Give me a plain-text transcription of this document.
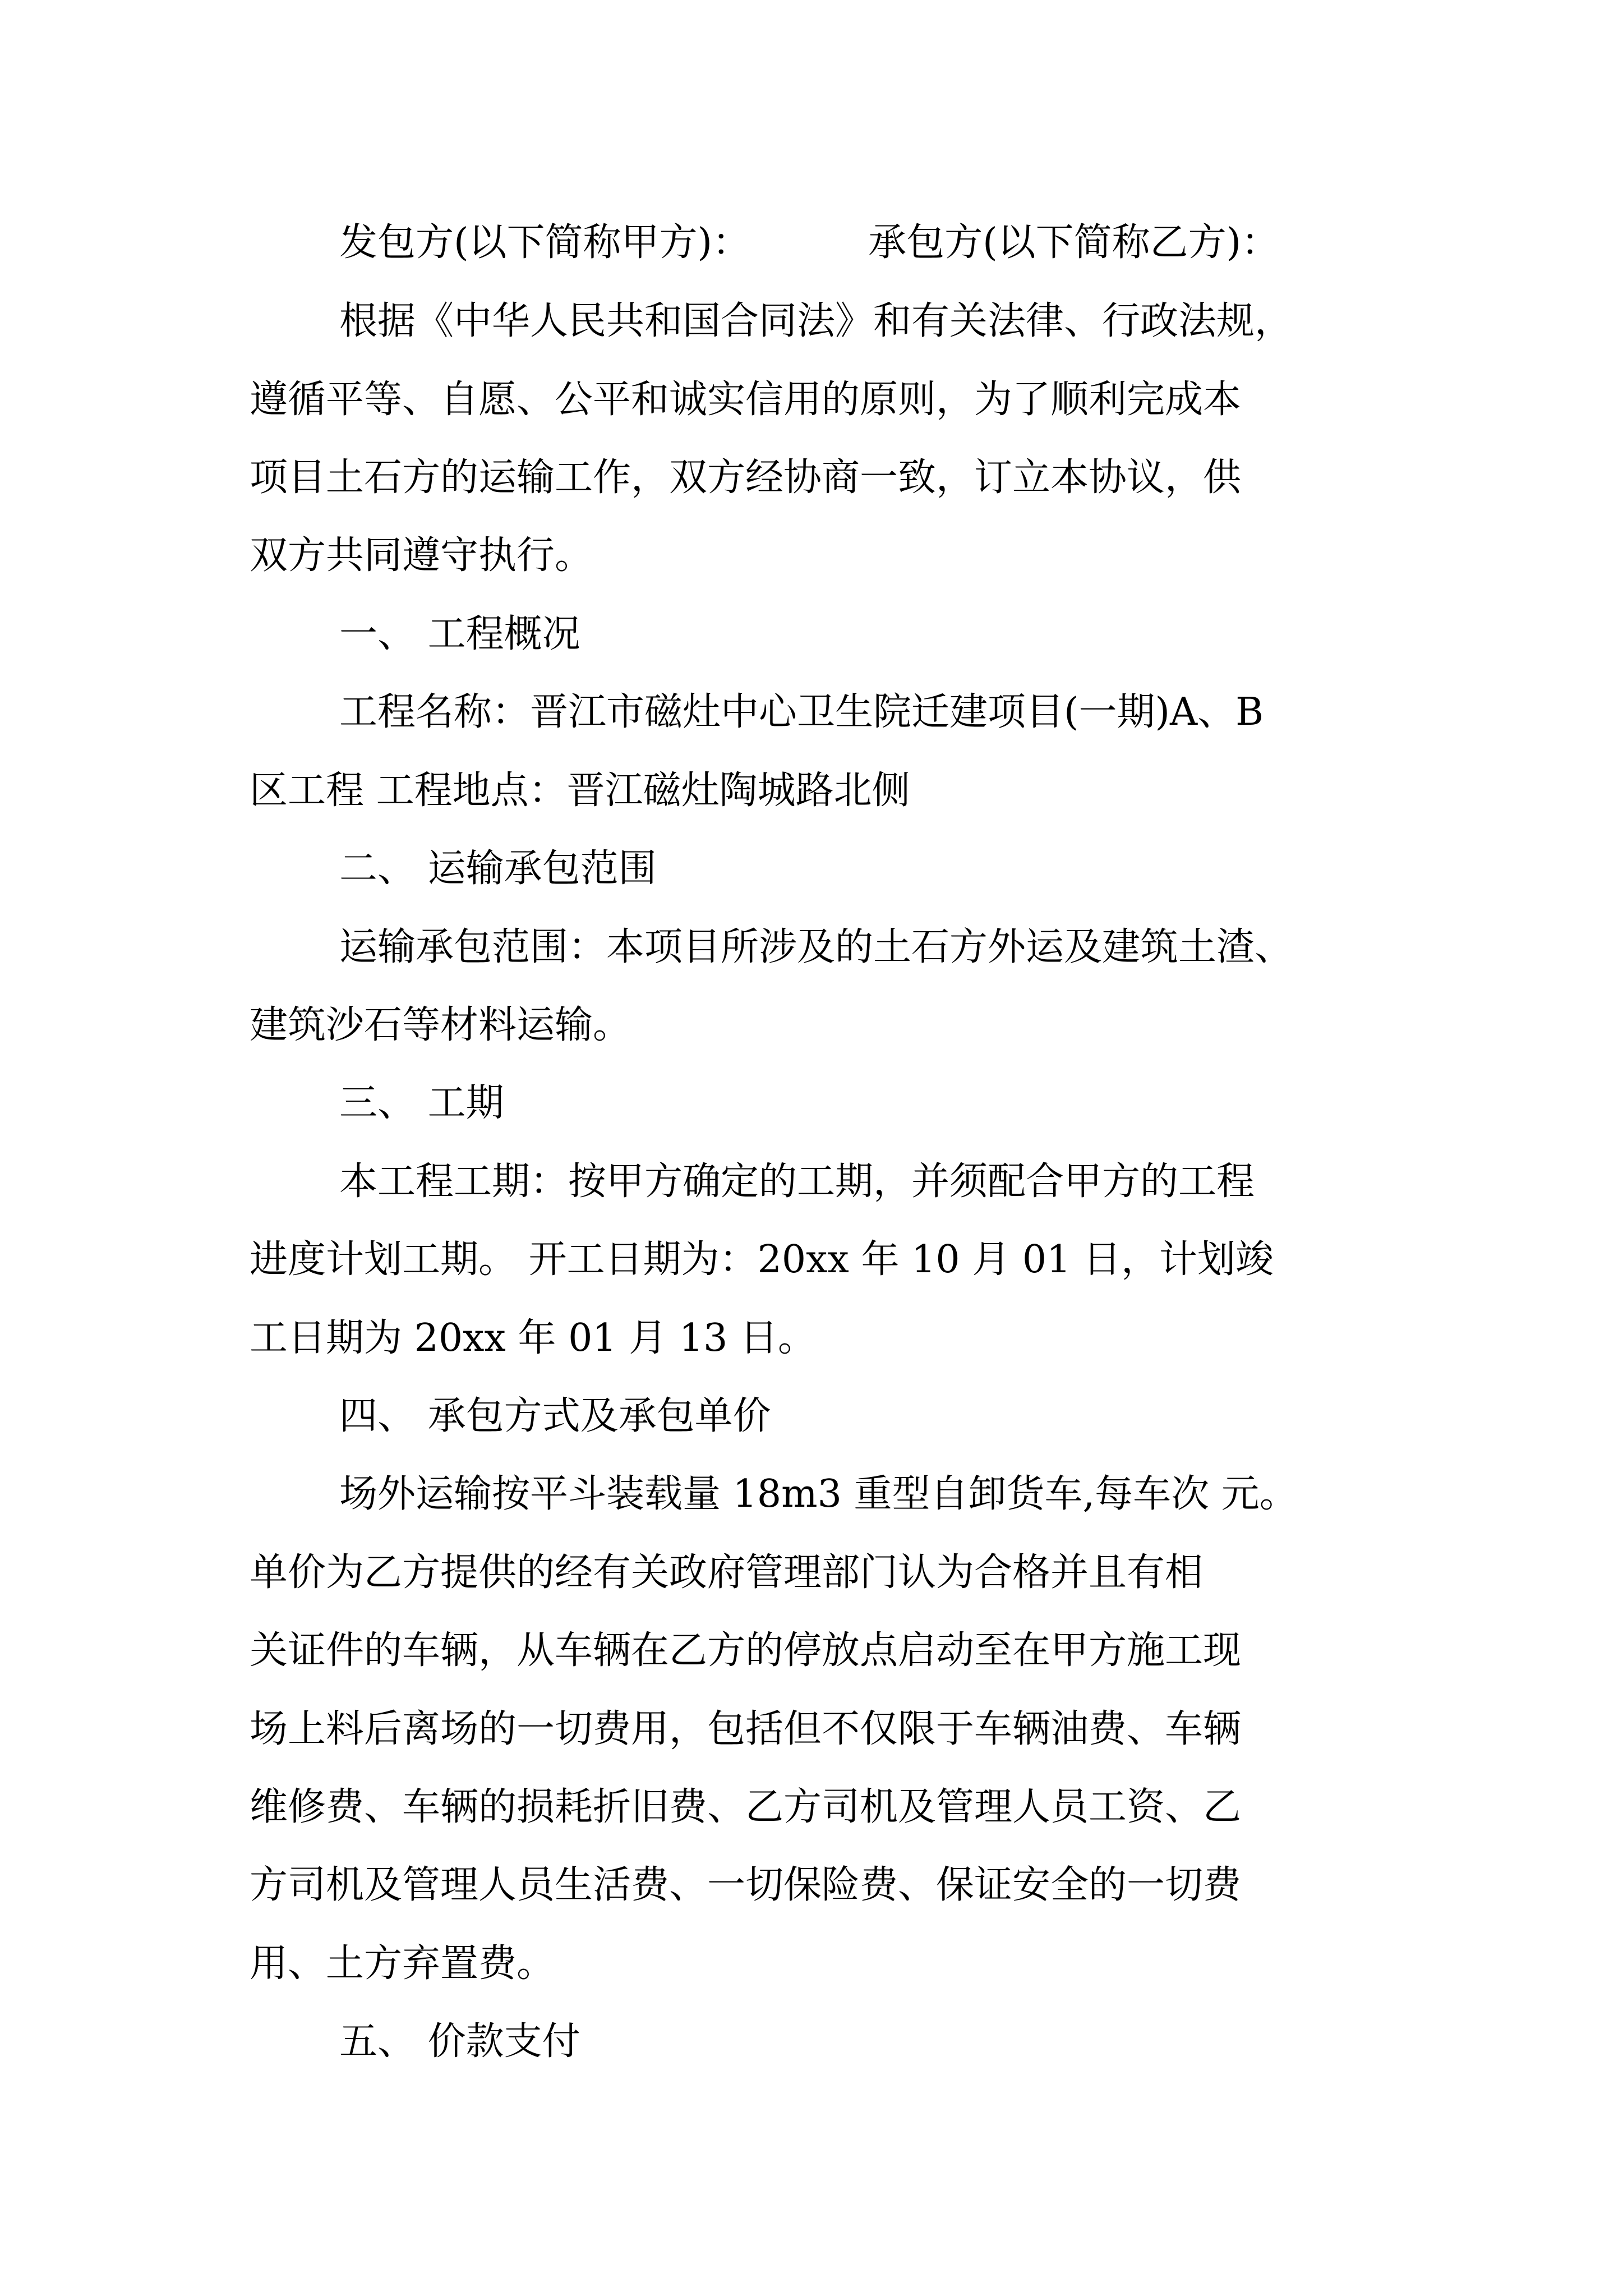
发包方(以下简称甲方)：	承包方(以下简称乙方)：
根据《中华人民共和国合同法》和有关法律、行政法规，
遵循平等、自愿、公平和诚实信用的原则，为了顺利完成本
项目土石方的运输工作，双方经协商一致，订立本协议，供
双方共同遵守执行。
一、 工程概况
工程名称：晋江市磁灶中心卫生院迁建项目(一期)A、B
区工程 工程地点：晋江磁灶陶城路北侧
二、 运输承包范围
运输承包范围：本项目所涉及的土石方外运及建筑土渣、
建筑沙石等材料运输。
三、 工期
本工程工期：按甲方确定的工期，并须配合甲方的工程
进度计划工期。 开工日期为：20xx 年 10 月 01 日，计划竣
工日期为 20xx 年 01 月 13 日。
四、 承包方式及承包单价
场外运输按平斗装载量 18m3 重型自卸货车,每车次 元。
单价为乙方提供的经有关政府管理部门认为合格并且有相
关证件的车辆，从车辆在乙方的停放点启动至在甲方施工现
场上料后离场的一切费用，包括但不仅限于车辆油费、车辆
维修费、车辆的损耗折旧费、乙方司机及管理人员工资、乙
方司机及管理人员生活费、一切保险费、保证安全的一切费
用、土方弃置费。
五、 价款支付
